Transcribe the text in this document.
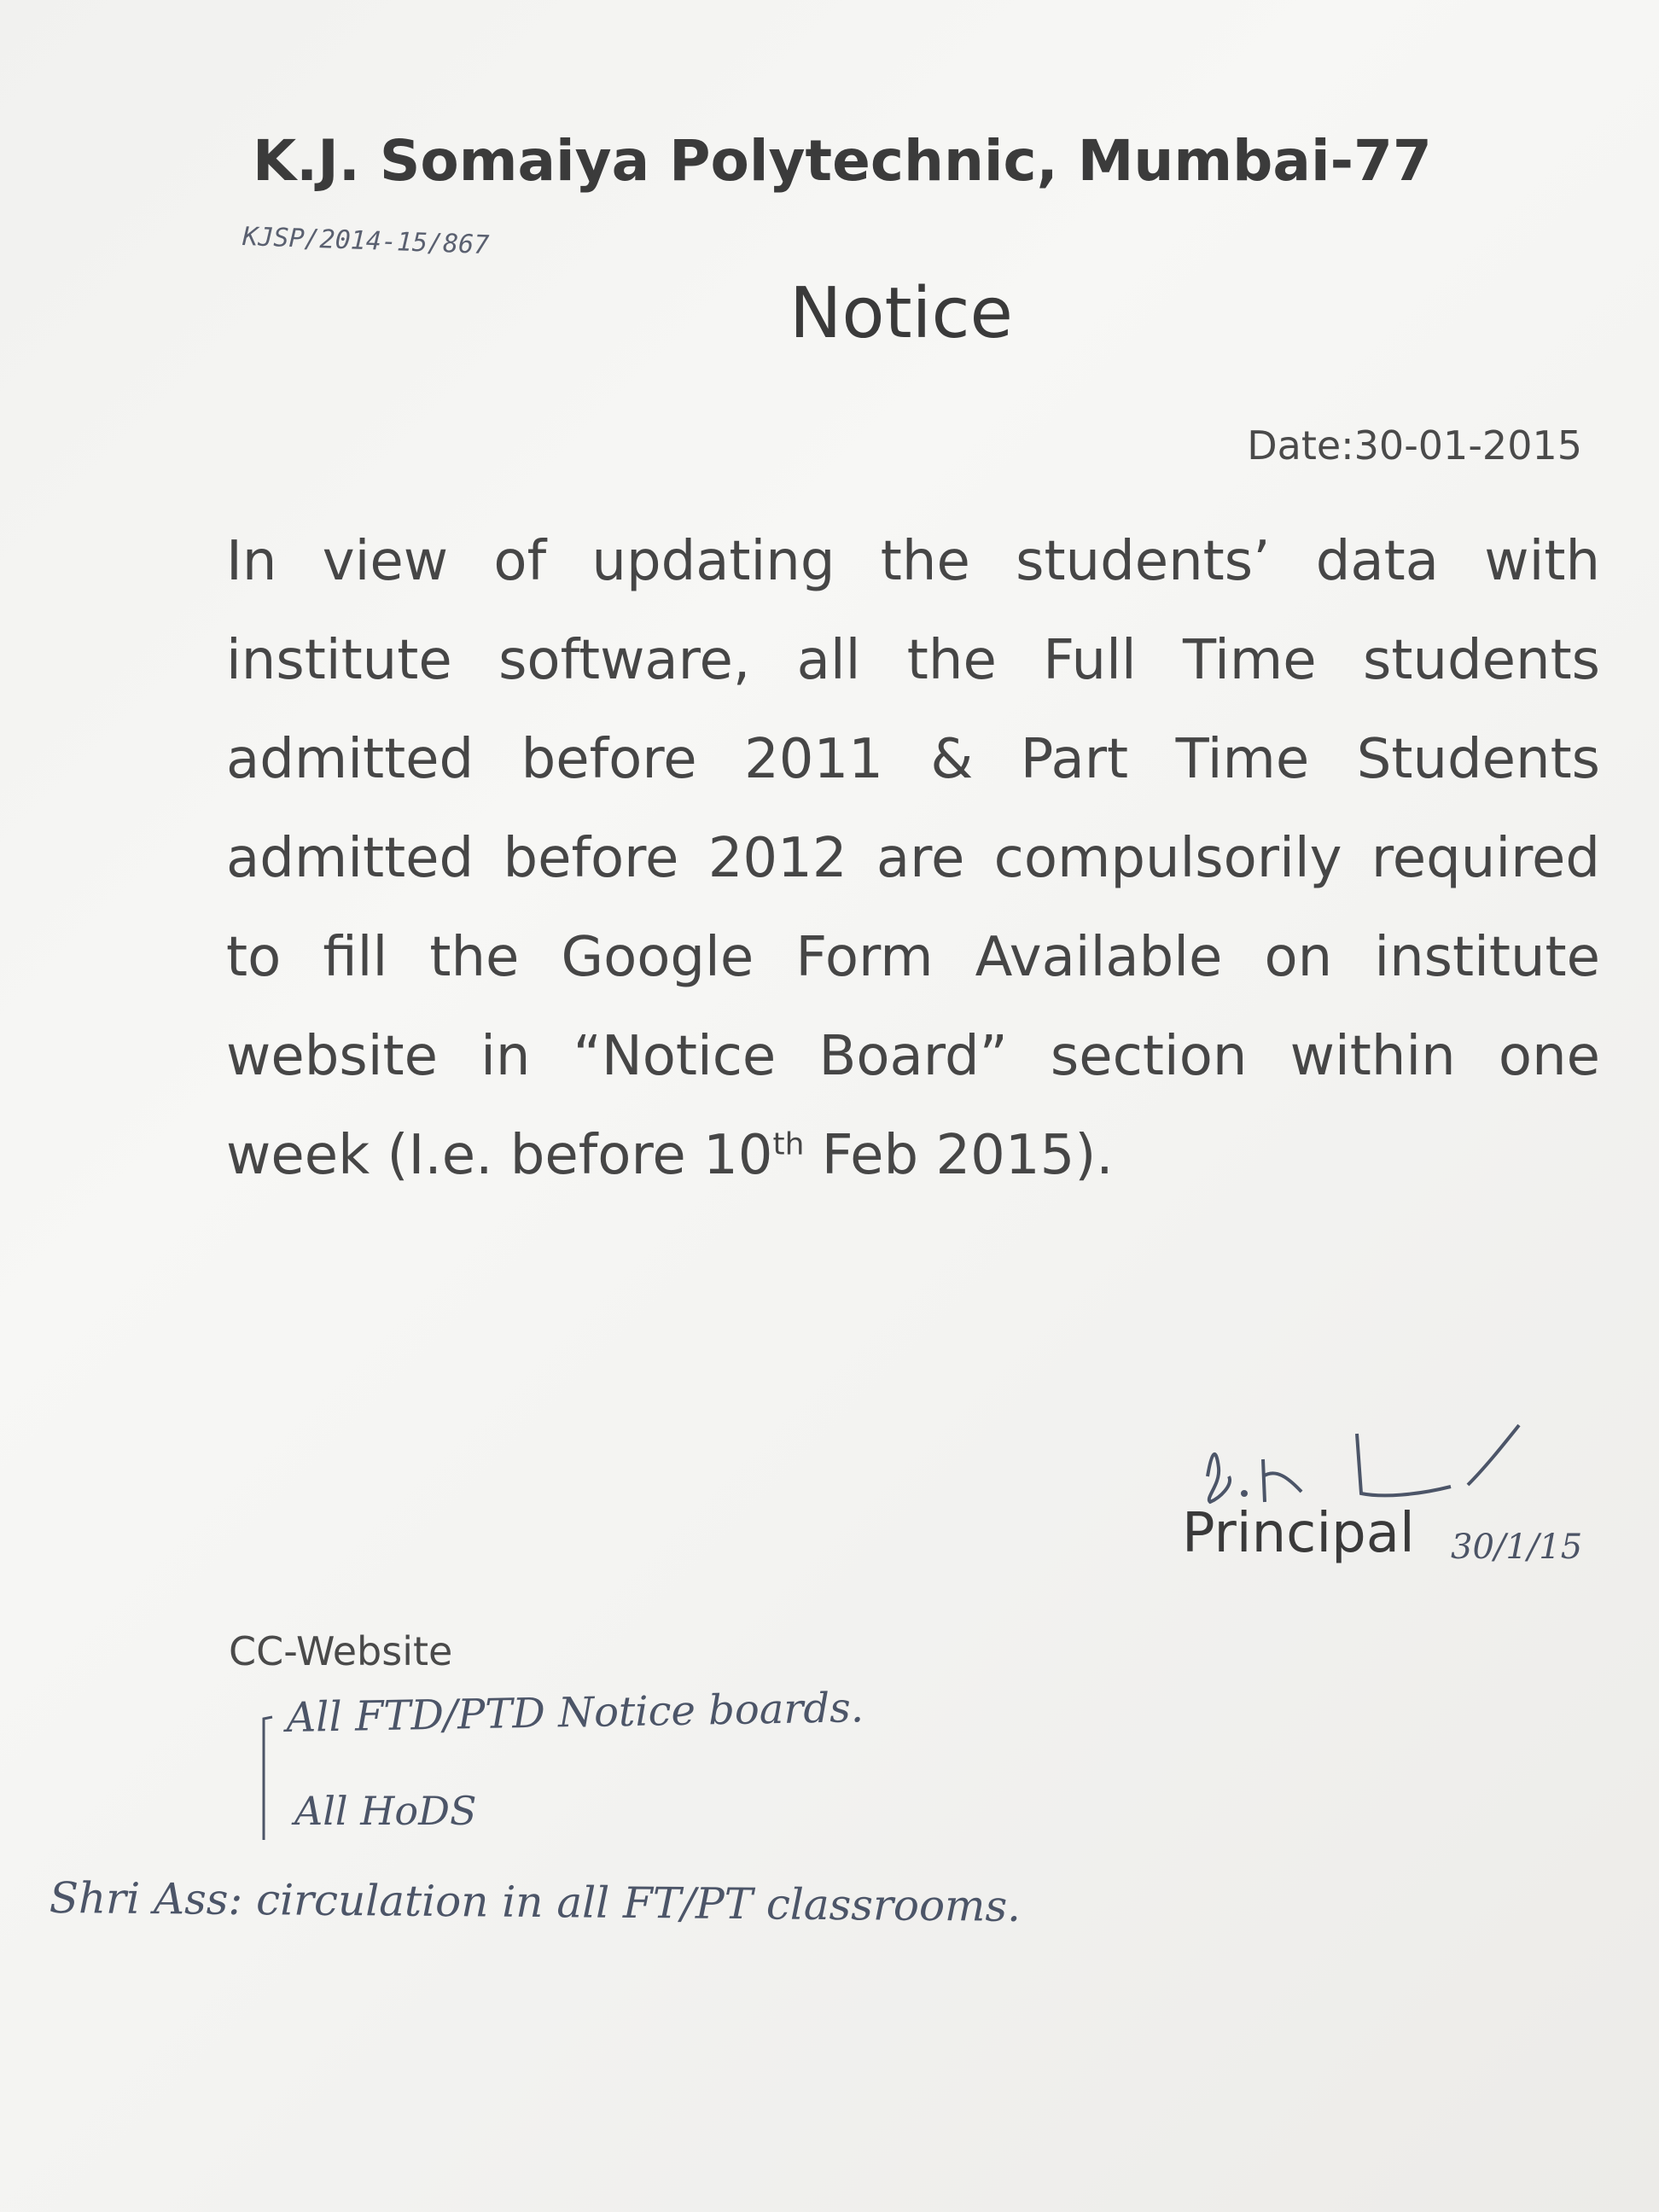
K.J. Somaiya Polytechnic, Mumbai-77
KJSP/2014-15/867
Notice
Date:30-01-2015
In view of updating the students’ data with institute software, all the Full Time students admitted before 2011 & Part Time Students admitted before 2012 are compulsorily required to fill the Google Form Available on institute website in “Notice Board” section within one week (I.e. before 10th Feb 2015).
Principal 30/1/15
CC-Website
All FTD/PTD Notice boards.
All HoDS
Shri Ass: circulation in all FT/PT classrooms.
